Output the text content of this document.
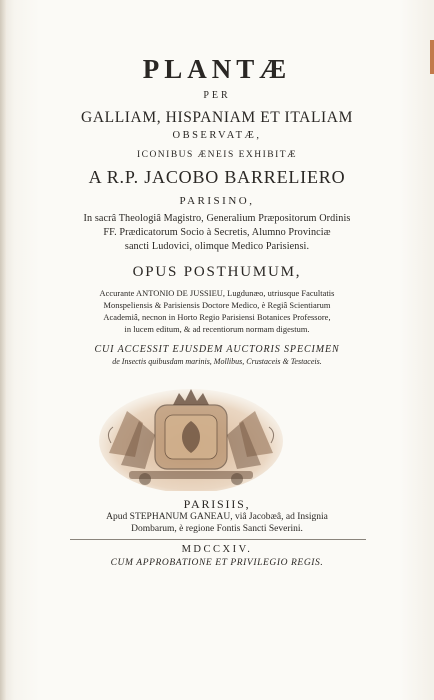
PLANTÆ
PER
GALLIAM, HISPANIAM ET ITALIAM
OBSERVATÆ,
ICONIBUS ÆNEIS EXHIBITÆ
A R.P. JACOBO BARRELIERO
PARISINO,
In sacrâ Theologiâ Magistro, Generalium Præpositorum Ordinis
FF. Prædicatorum Socio à Secretis, Alumno Provinciæ
sancti Ludovici, olimque Medico Parisiensi.
OPUS POSTHUMUM,
Accurante ANTONIO DE JUSSIEU, Lugdunæo, utriusque Facultatis
Monspeliensis & Parisiensis Doctore Medico, è Regiâ Scientiarum
Academiâ, necnon in Horto Regio Parisiensi Botanices Professore,
in lucem editum, & ad recentiorum normam digestum.
CUI ACCESSIT EJUSDEM AUCTORIS SPECIMEN
de Insectis quibusdam marinis, Mollibus, Crustaceis & Testaceis.
PARISIIS,
Apud STEPHANUM GANEAU, viâ Jacobæâ, ad Insignia
Dombarum, è regione Fontis Sancti Severini.
MDCCXIV.
CUM APPROBATIONE ET PRIVILEGIO REGIS.
